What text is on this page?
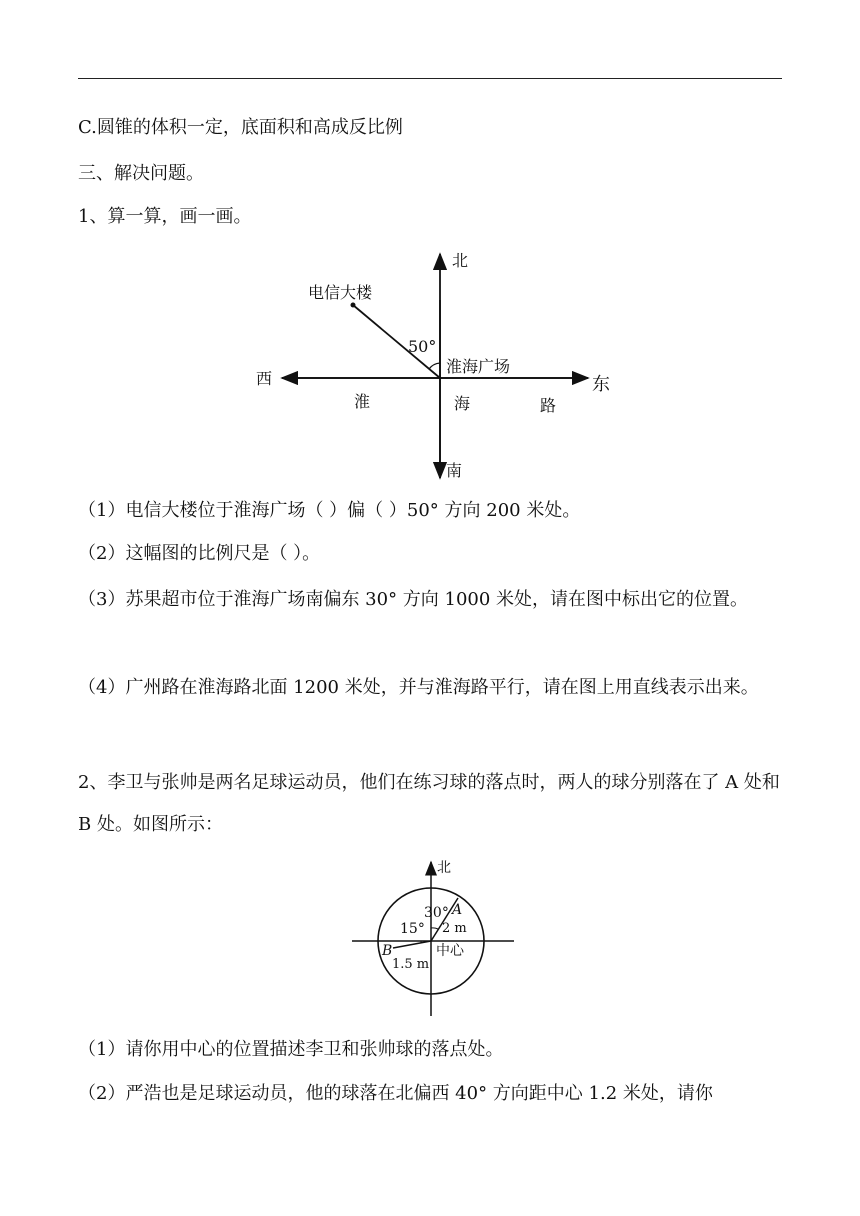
C.圆锥的体积一定，底面积和高成反比例
三、解决问题。
1、算一算，画一画。
北
南
东
西
电信大楼
50°
淮海广场
淮	海	路
北
30° A
2 m
15°
B
1.5 m
中心
（1）电信大楼位于淮海广场（ ）偏（ ）50° 方向 200 米处。
（2）这幅图的比例尺是（ ）。
（3）苏果超市位于淮海广场南偏东 30° 方向 1000 米处，请在图中标出它的位置。
（4）广州路在淮海路北面 1200 米处，并与淮海路平行，请在图上用直线表示出来。
2、李卫与张帅是两名足球运动员，他们在练习球的落点时，两人的球分别落在了 A 处和 B 处。如图所示：
（1）请你用中心的位置描述李卫和张帅球的落点处。
（2）严浩也是足球运动员，他的球落在北偏西 40° 方向距中心 1.2 米处，请你
